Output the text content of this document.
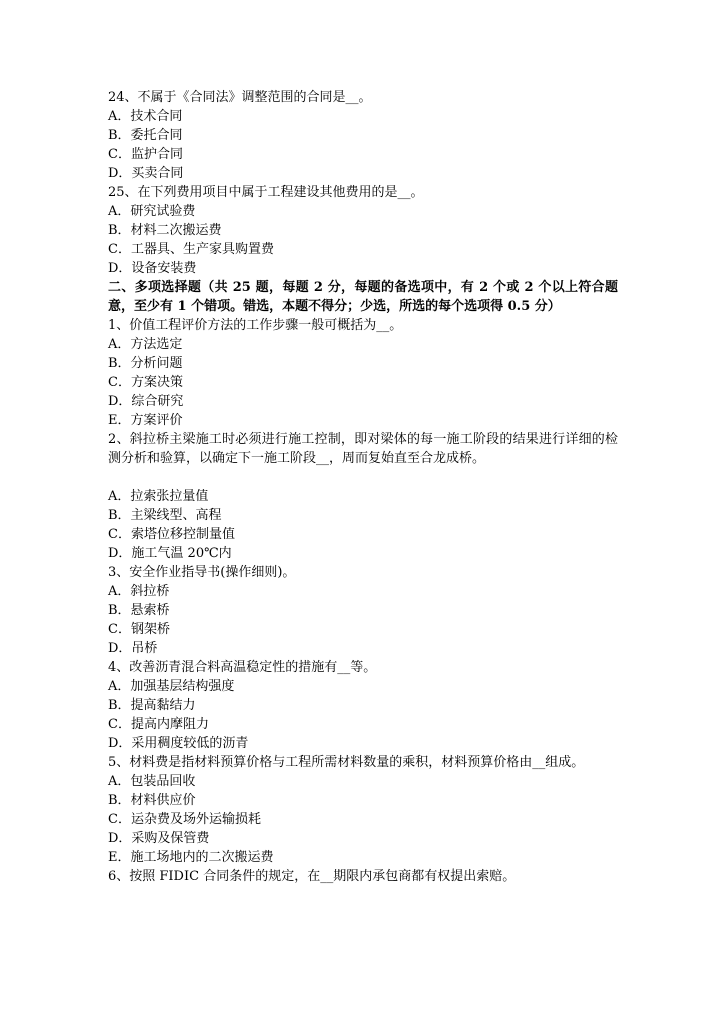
24、不属于《合同法》调整范围的合同是__。
A．技术合同
B．委托合同
C．监护合同
D．买卖合同
25、在下列费用项目中属于工程建设其他费用的是__。
A．研究试验费
B．材料二次搬运费
C．工器具、生产家具购置费
D．设备安装费
二、多项选择题（共 25 题，每题 2 分，每题的备选项中，有 2 个或 2 个以上符合题意，至少有 1 个错项。错选，本题不得分；少选，所选的每个选项得 0.5 分）
1、价值工程评价方法的工作步骤一般可概括为__。
A．方法选定
B．分析问题
C．方案决策
D．综合研究
E．方案评价
2、斜拉桥主梁施工时必须进行施工控制，即对梁体的每一施工阶段的结果进行详细的检测分析和验算，以确定下一施工阶段__，周而复始直至合龙成桥。
A．拉索张拉量值
B．主梁线型、高程
C．索塔位移控制量值
D．施工气温 20℃内
3、安全作业指导书(操作细则)。
A．斜拉桥
B．悬索桥
C．钢架桥
D．吊桥
4、改善沥青混合料高温稳定性的措施有__等。
A．加强基层结构强度
B．提高黏结力
C．提高内摩阻力
D．采用稠度较低的沥青
5、材料费是指材料预算价格与工程所需材料数量的乘积，材料预算价格由__组成。
A．包装品回收
B．材料供应价
C．运杂费及场外运输损耗
D．采购及保管费
E．施工场地内的二次搬运费
6、按照 FIDIC 合同条件的规定，在__期限内承包商都有权提出索赔。
